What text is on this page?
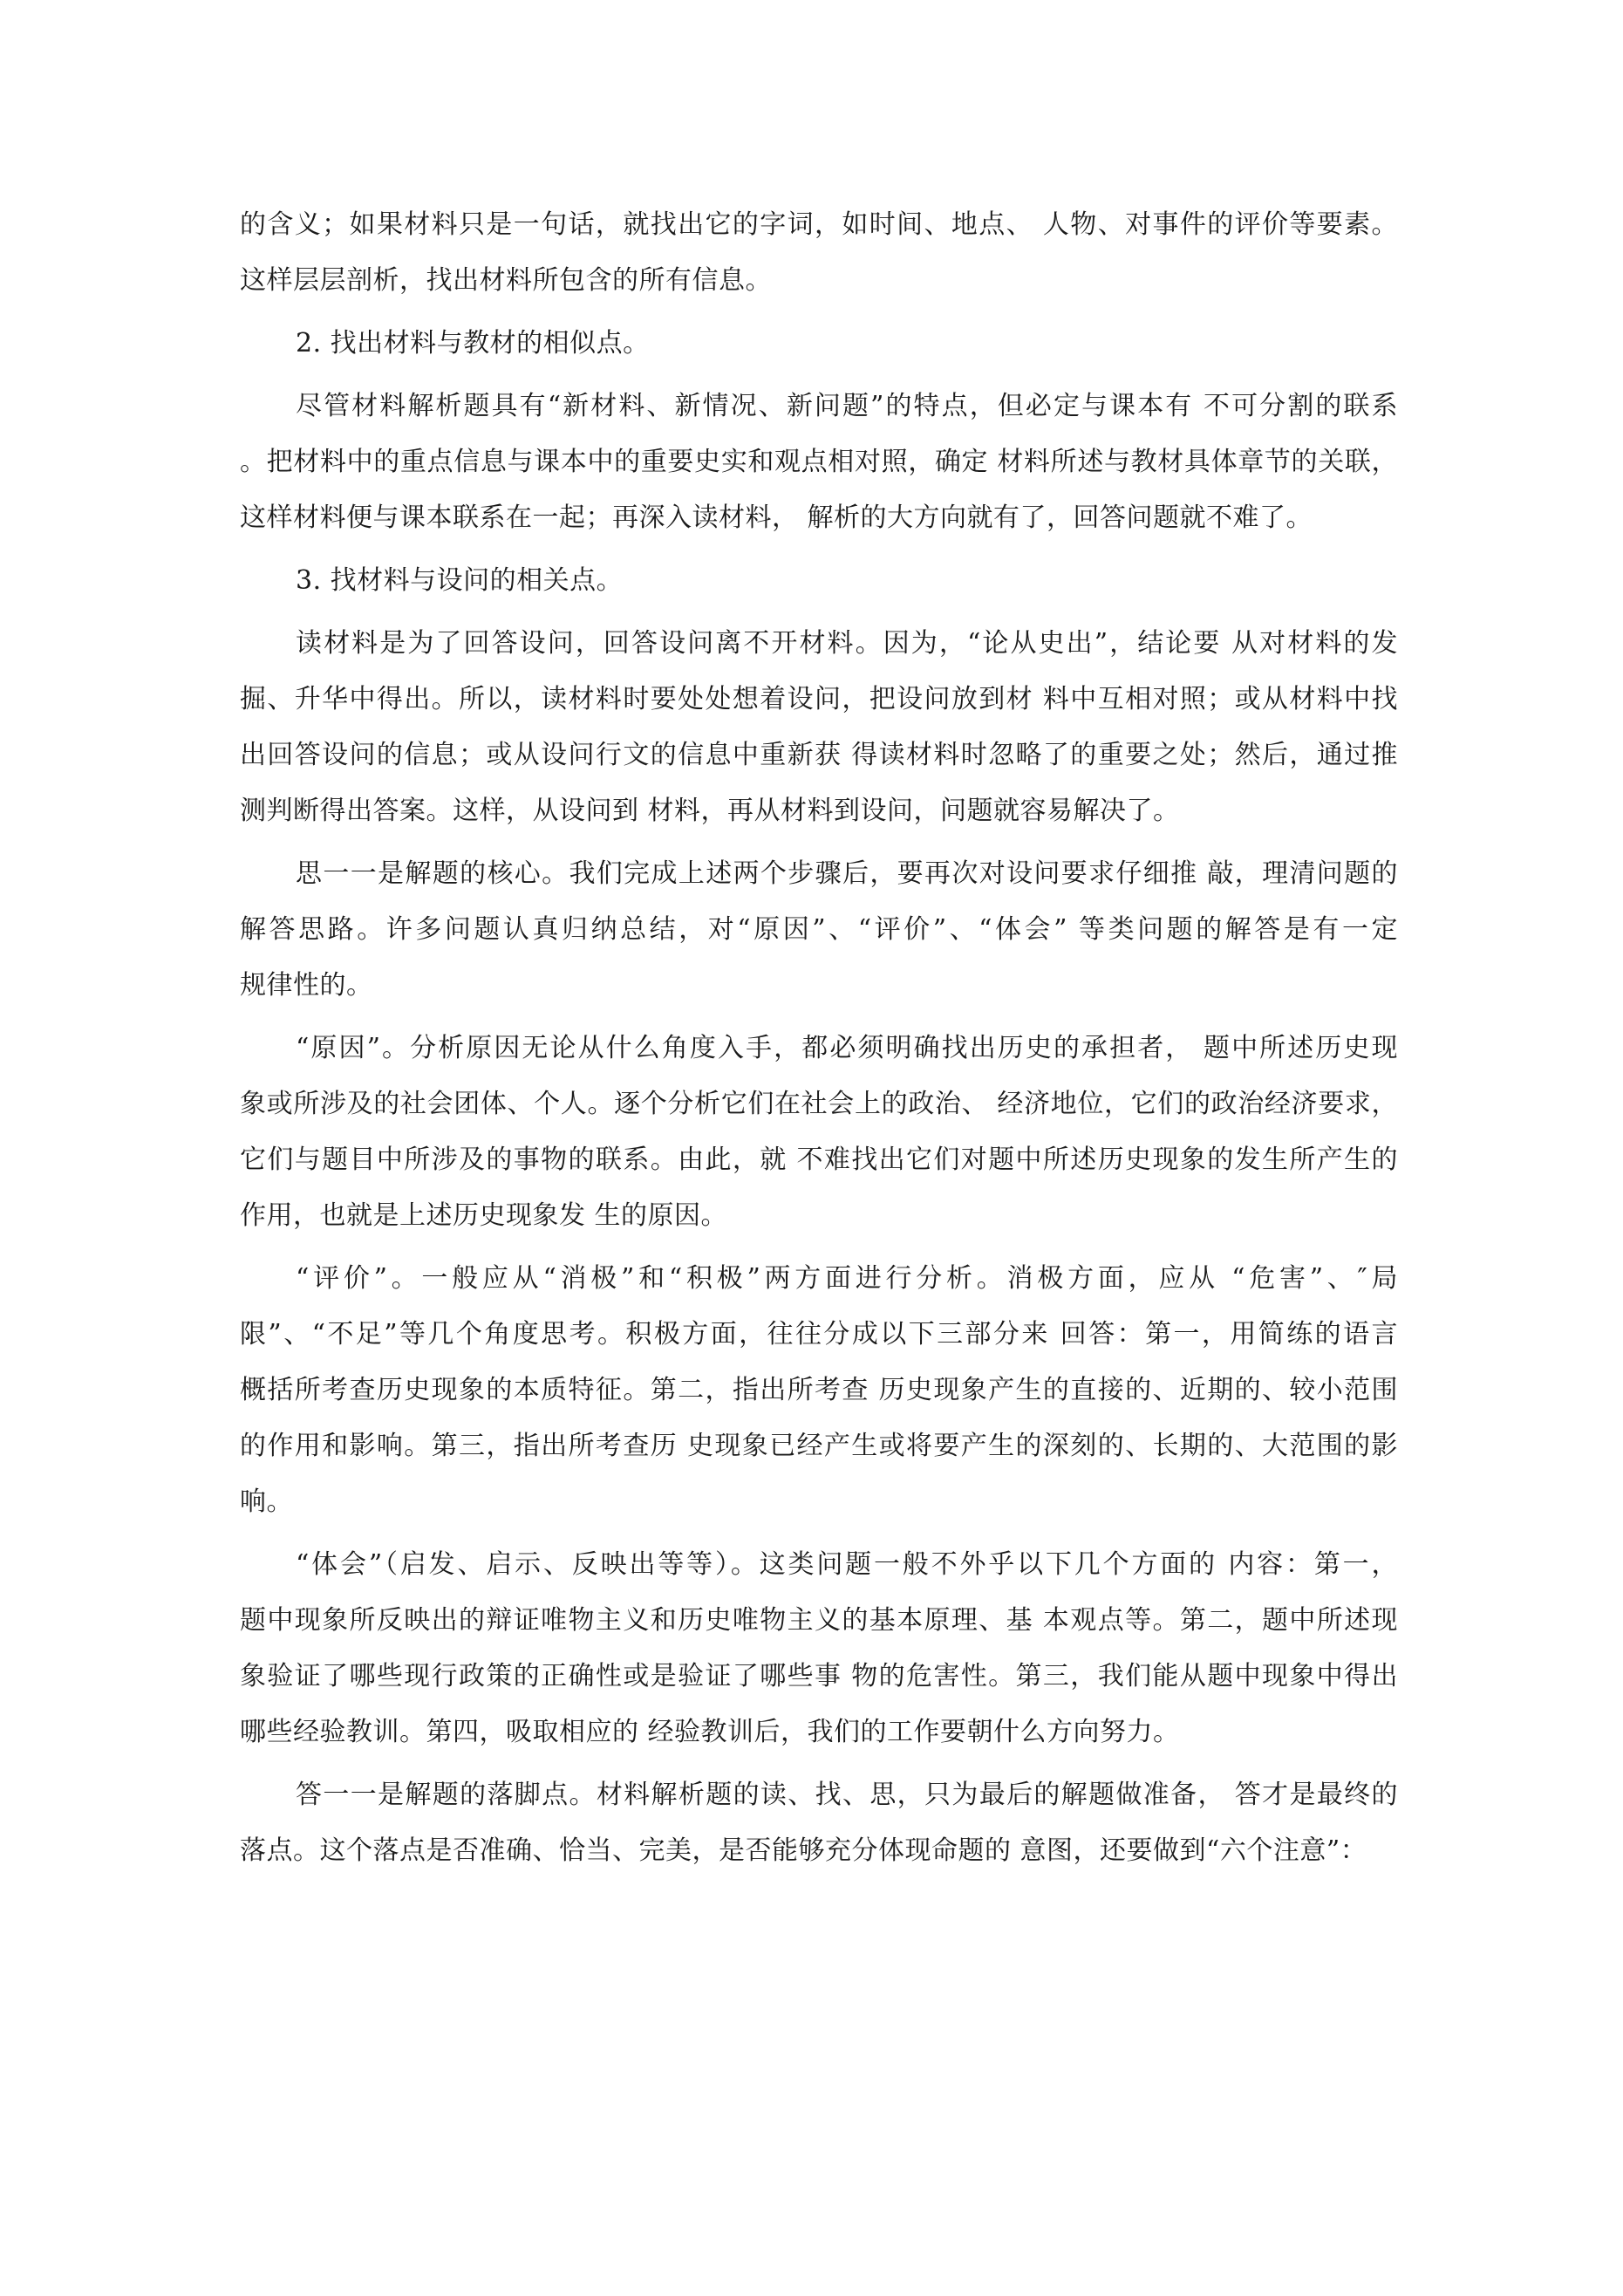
的含义；如果材料只是一句话，就找出它的字词，如时间、地点、 人物、对事件的评价等要素。
这样层层剖析，找出材料所包含的所有信息。
2. 找出材料与教材的相似点。
尽管材料解析题具有“新材料、新情况、新问题”的特点，但必定与课本有 不可分割的联系
。把材料中的重点信息与课本中的重要史实和观点相对照，确定 材料所述与教材具体章节的关联，
这样材料便与课本联系在一起；再深入读材料， 解析的大方向就有了，回答问题就不难了。
3. 找材料与设问的相关点。
读材料是为了回答设问，回答设问离不开材料。因为，“论从史出”，结论要 从对材料的发
掘、升华中得出。所以，读材料时要处处想着设问，把设问放到材 料中互相对照；或从材料中找
出回答设问的信息；或从设问行文的信息中重新获 得读材料时忽略了的重要之处；然后，通过推
测判断得出答案。这样，从设问到 材料，再从材料到设问，问题就容易解决了。
思一一是解题的核心。我们完成上述两个步骤后，要再次对设问要求仔细推 敲，理清问题的
解答思路。许多问题认真归纳总结，对“原因”、“评价”、“体会” 等类问题的解答是有一定
规律性的。
“原因”。分析原因无论从什么角度入手，都必须明确找出历史的承担者， 题中所述历史现
象或所涉及的社会团体、个人。逐个分析它们在社会上的政治、 经济地位，它们的政治经济要求，
它们与题目中所涉及的事物的联系。由此，就 不难找出它们对题中所述历史现象的发生所产生的
作用，也就是上述历史现象发 生的原因。
“评价”。一般应从“消极”和“积极”两方面进行分析。消极方面，应从 “危害”、″局
限”、“不足”等几个角度思考。积极方面，往往分成以下三部分来 回答：第一，用简练的语言
概括所考查历史现象的本质特征。第二，指出所考查 历史现象产生的直接的、近期的、较小范围
的作用和影响。第三，指出所考查历 史现象已经产生或将要产生的深刻的、长期的、大范围的影
响。
“体会”（启发、启示、反映出等等）。这类问题一般不外乎以下几个方面的 内容：第一，
题中现象所反映出的辩证唯物主义和历史唯物主义的基本原理、基 本观点等。第二，题中所述现
象验证了哪些现行政策的正确性或是验证了哪些事 物的危害性。第三，我们能从题中现象中得出
哪些经验教训。第四，吸取相应的 经验教训后，我们的工作要朝什么方向努力。
答一一是解题的落脚点。材料解析题的读、找、思，只为最后的解题做准备， 答才是最终的
落点。这个落点是否准确、恰当、完美，是否能够充分体现命题的 意图，还要做到“六个注意”：
